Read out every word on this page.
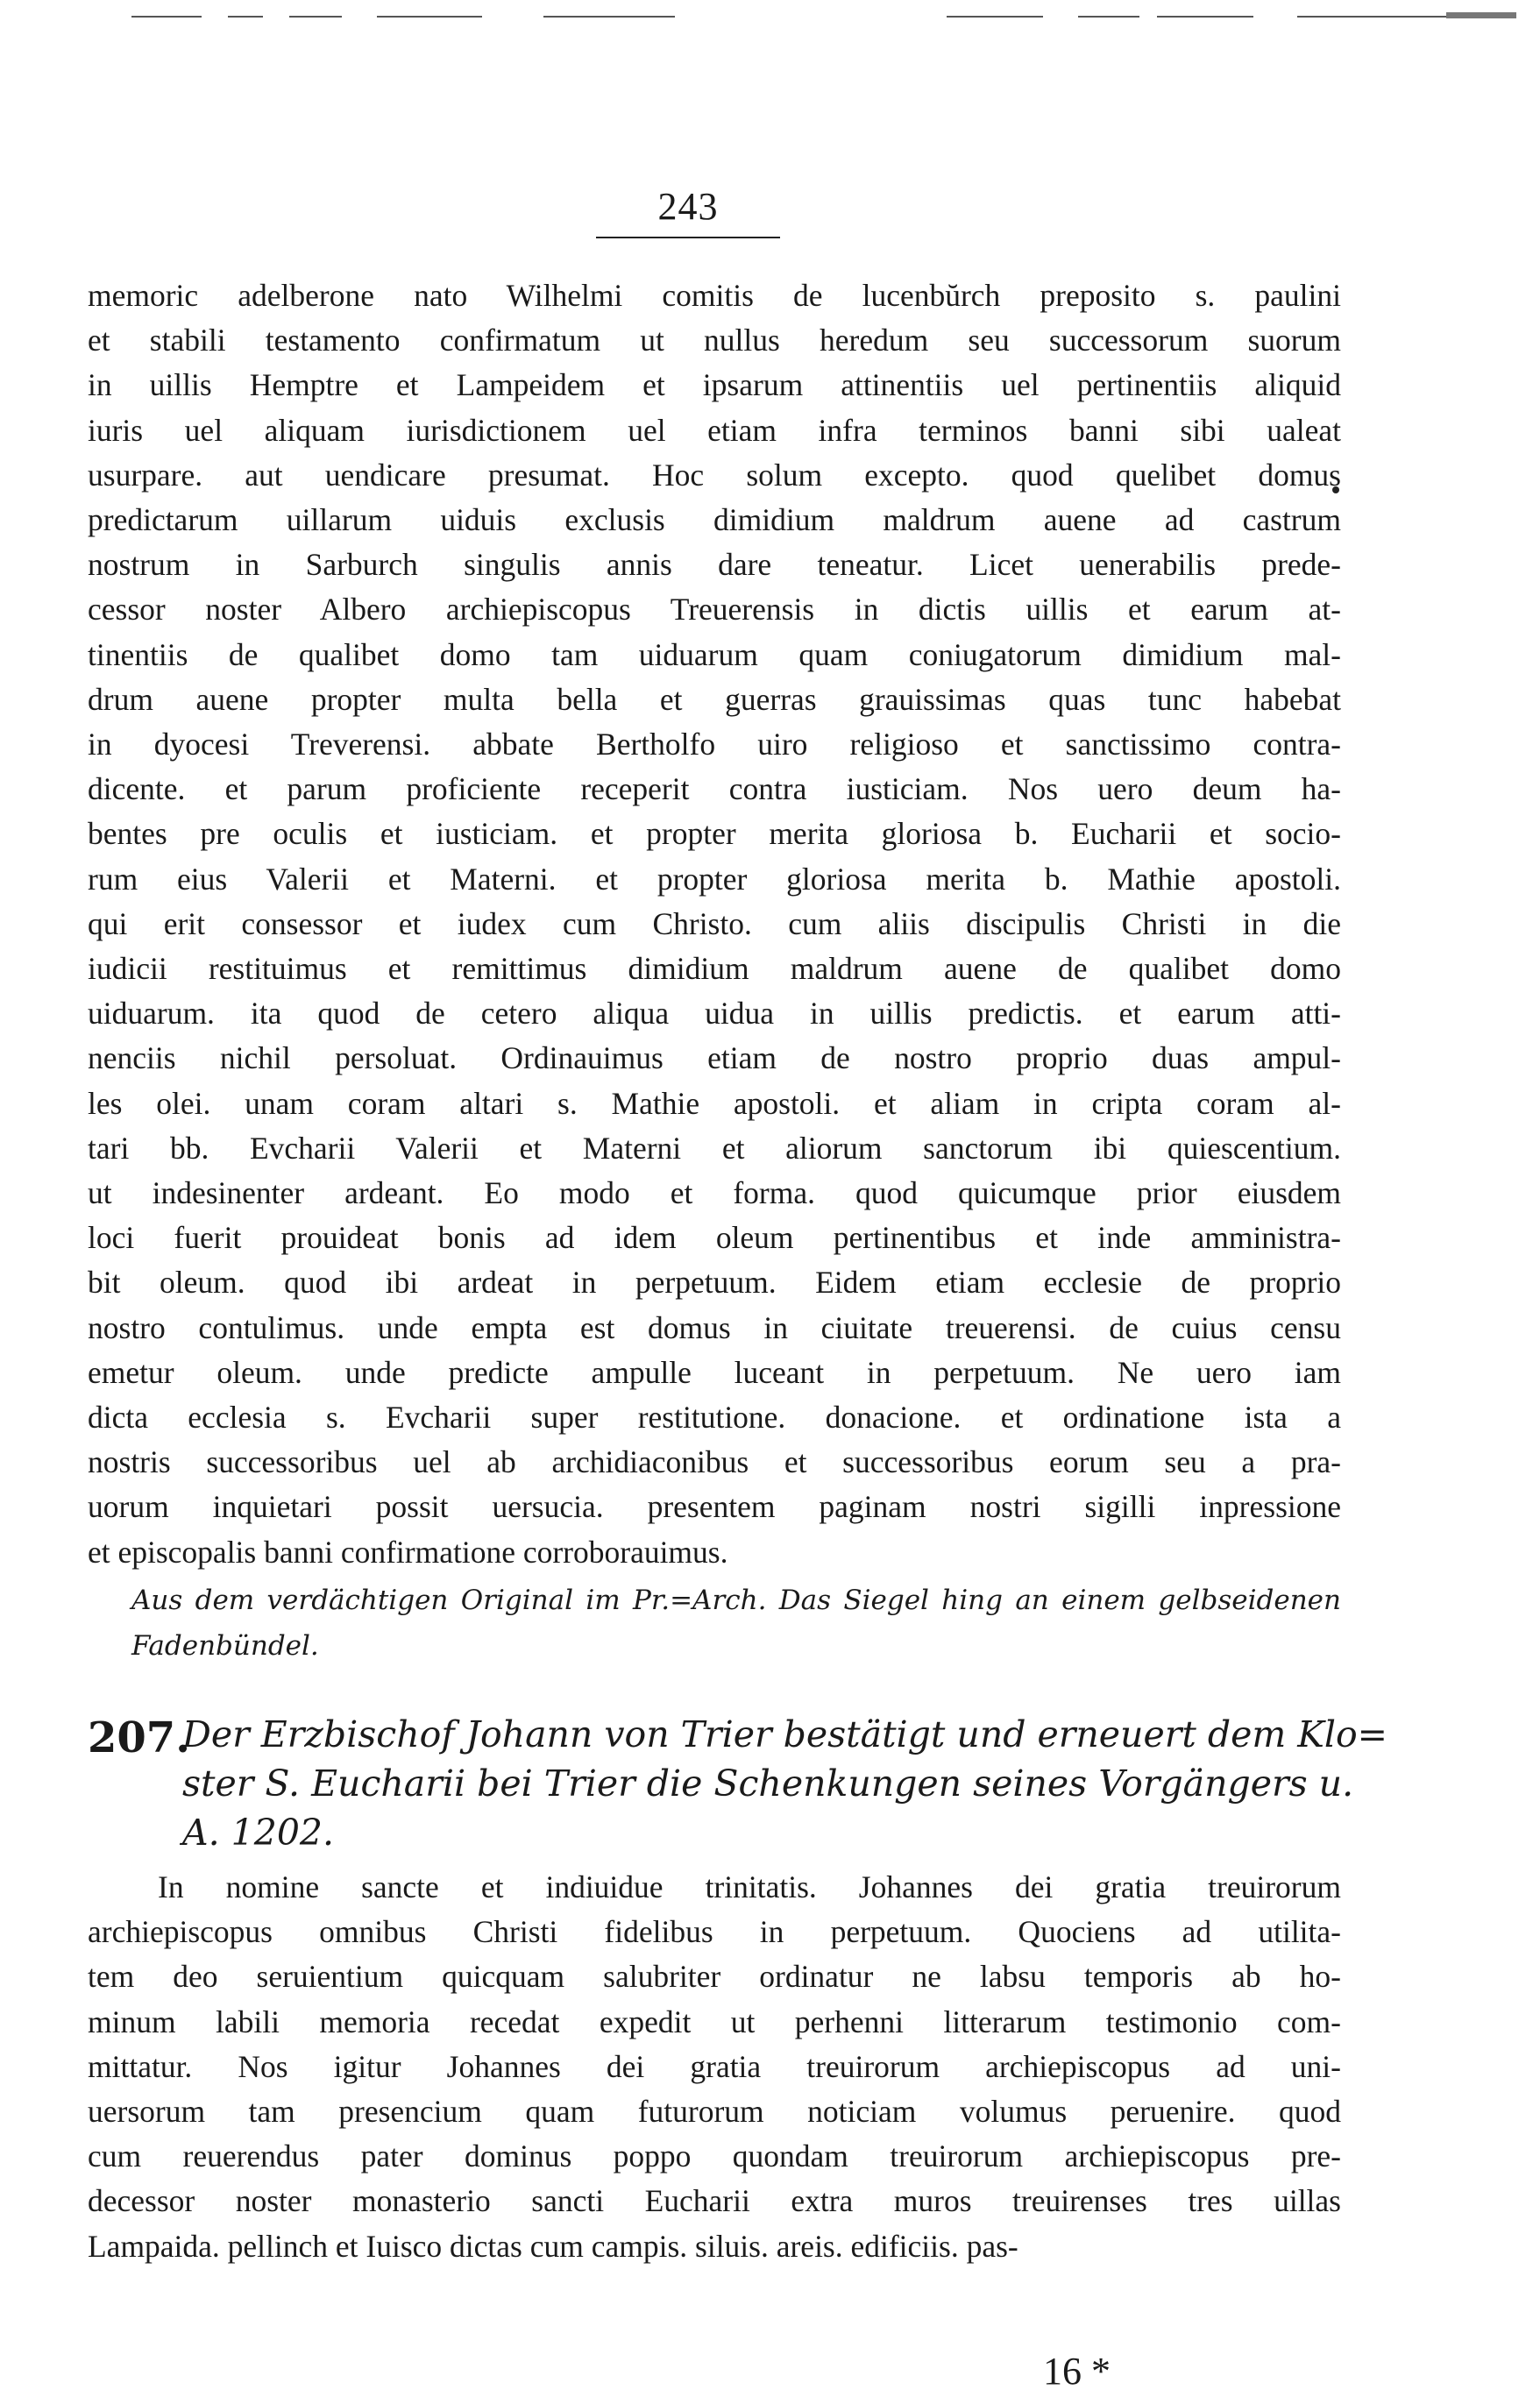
243
memoric adelberone nato Wilhelmi comitis de lucenbŭrch preposito s. paulini
et stabili testamento confirmatum ut nullus heredum seu successorum suorum
in uillis Hemptre et Lampeidem et ipsarum attinentiis uel pertinentiis aliquid
iuris uel aliquam iurisdictionem uel etiam infra terminos banni sibi ualeat
usurpare. aut uendicare presumat. Hoc solum excepto. quod quelibet domus
predictarum uillarum uiduis exclusis dimidium maldrum auene ad castrum
nostrum in Sarburch singulis annis dare teneatur. Licet uenerabilis prede-
cessor noster Albero archiepiscopus Treuerensis in dictis uillis et earum at-
tinentiis de qualibet domo tam uiduarum quam coniugatorum dimidium mal-
drum auene propter multa bella et guerras grauissimas quas tunc habebat
in dyocesi Treverensi. abbate Bertholfo uiro religioso et sanctissimo contra-
dicente. et parum proficiente receperit contra iusticiam. Nos uero deum ha-
bentes pre oculis et iusticiam. et propter merita gloriosa b. Eucharii et socio-
rum eius Valerii et Materni. et propter gloriosa merita b. Mathie apostoli.
qui erit consessor et iudex cum Christo. cum aliis discipulis Christi in die
iudicii restituimus et remittimus dimidium maldrum auene de qualibet domo
uiduarum. ita quod de cetero aliqua uidua in uillis predictis. et earum atti-
nenciis nichil persoluat. Ordinauimus etiam de nostro proprio duas ampul-
les olei. unam coram altari s. Mathie apostoli. et aliam in cripta coram al-
tari bb. Evcharii Valerii et Materni et aliorum sanctorum ibi quiescentium.
ut indesinenter ardeant. Eo modo et forma. quod quicumque prior eiusdem
loci fuerit prouideat bonis ad idem oleum pertinentibus et inde amministra-
bit oleum. quod ibi ardeat in perpetuum. Eidem etiam ecclesie de proprio
nostro contulimus. unde empta est domus in ciuitate treuerensi. de cuius censu
emetur oleum. unde predicte ampulle luceant in perpetuum. Ne uero iam
dicta ecclesia s. Evcharii super restitutione. donacione. et ordinatione ista a
nostris successoribus uel ab archidiaconibus et successoribus eorum seu a pra-
uorum inquietari possit uersucia. presentem paginam nostri sigilli inpressione
et episcopalis banni confirmatione corroborauimus.
Aus dem verdächtigen Original im Pr.=Arch. Das Siegel hing an einem gelbseidenen
Fadenbündel.
207.
Der Erzbischof Johann von Trier bestätigt und erneuert dem Klo=
ster S. Eucharii bei Trier die Schenkungen seines Vorgängers u.
A. 1202.
In nomine sancte et indiuidue trinitatis. Johannes dei gratia treuirorum
archiepiscopus omnibus Christi fidelibus in perpetuum. Quociens ad utilita-
tem deo seruientium quicquam salubriter ordinatur ne labsu temporis ab ho-
minum labili memoria recedat expedit ut perhenni litterarum testimonio com-
mittatur. Nos igitur Johannes dei gratia treuirorum archiepiscopus ad uni-
uersorum tam presencium quam futurorum noticiam volumus peruenire. quod
cum reuerendus pater dominus poppo quondam treuirorum archiepiscopus pre-
decessor noster monasterio sancti Eucharii extra muros treuirenses tres uillas
Lampaida. pellinch et Iuisco dictas cum campis. siluis. areis. edificiis. pas-
16 *
